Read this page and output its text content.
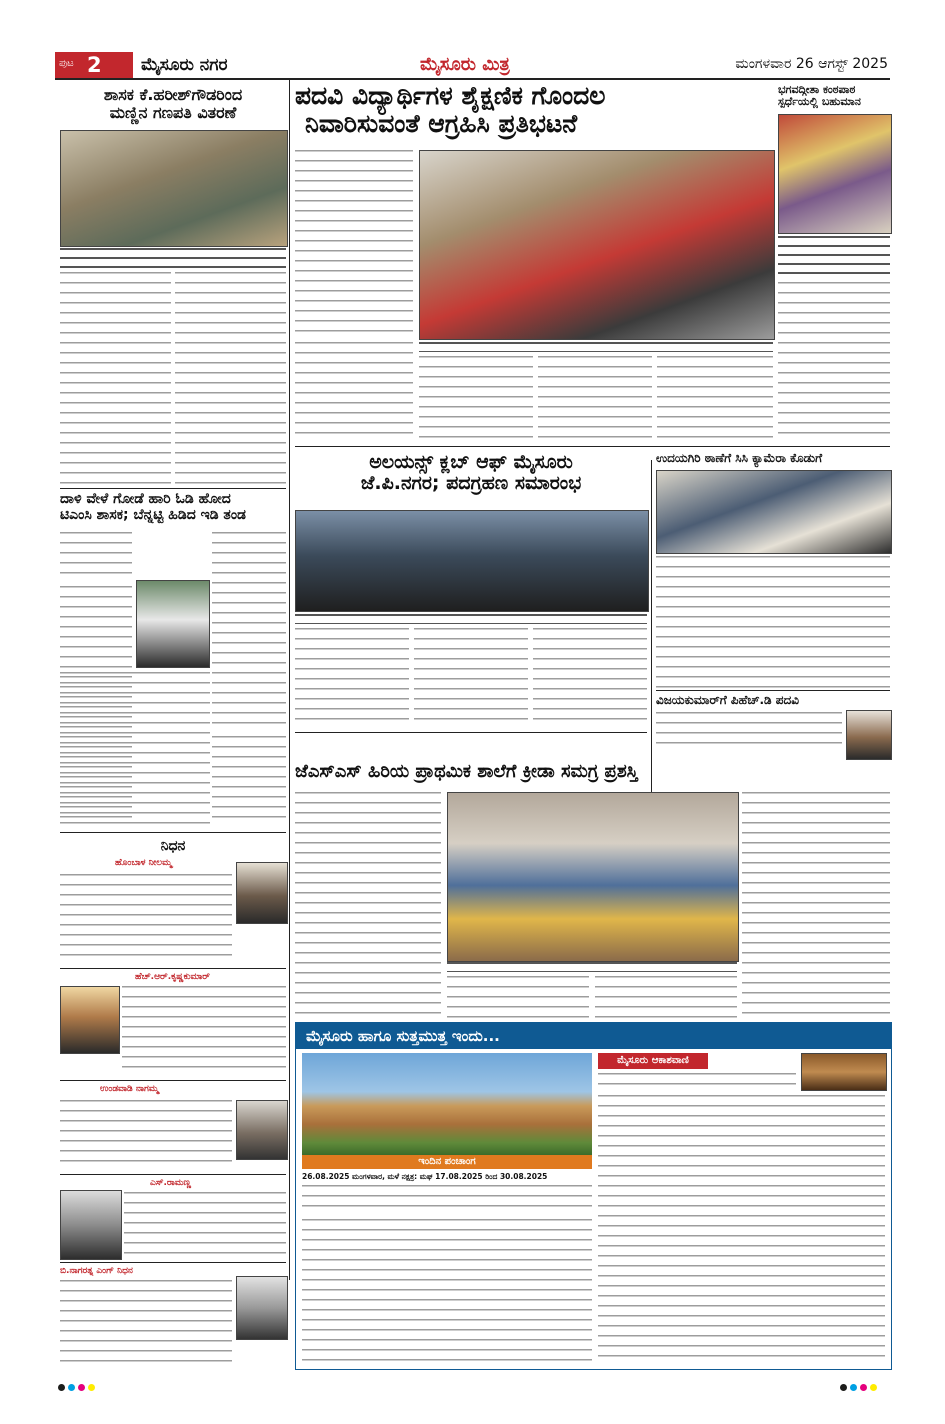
ಪುಟ 2 ಮೈಸೂರು ನಗರ	ಮೈಸೂರು ಮಿತ್ರ	ಮಂಗಳವಾರ 26 ಆಗಸ್ಟ್ 2025
ಶಾಸಕ ಕೆ.ಹರೀಶ್‌ಗೌಡರಿಂದ
ಮಣ್ಣಿನ ಗಣಪತಿ ವಿತರಣೆ
ದಾಳಿ ವೇಳೆ ಗೋಡೆ ಹಾರಿ ಓಡಿ ಹೋದ
ಟಿಎಂಸಿ ಶಾಸಕ; ಬೆನ್ನಟ್ಟಿ ಹಿಡಿದ ಇಡಿ ತಂಡ
ನಿಧನ
ಹೊಂಬಾಳ ನೀಲಮ್ಮ
ಹೆಚ್.ಆರ್.ಕೃಷ್ಣಕುಮಾರ್
ಉಂಡವಾಡಿ ನಾಗಮ್ಮ
ಎಸ್.ರಾಮಣ್ಣ
ಬಿ.ನಾಗರತ್ನ ಎಂಗ್ ನಿಧನ
ಪದವಿ ವಿದ್ಯಾರ್ಥಿಗಳ ಶೈಕ್ಷಣಿಕ ಗೊಂದಲ
ನಿವಾರಿಸುವಂತೆ ಆಗ್ರಹಿಸಿ ಪ್ರತಿಭಟನೆ
ಭಗವದ್ಗೀತಾ ಕಂಠಪಾಠ
ಸ್ಪರ್ಧೆಯಲ್ಲಿ ಬಹುಮಾನ
ಅಲಯನ್ಸ್ ಕ್ಲಬ್ ಆಫ್ ಮೈಸೂರು
ಜೆ.ಪಿ.ನಗರ; ಪದಗ್ರಹಣ ಸಮಾರಂಭ
ಉದಯಗಿರಿ ಠಾಣೆಗೆ ಸಿಸಿ ಕ್ಯಾಮೆರಾ ಕೊಡುಗೆ
ವಿಜಯಕುಮಾರ್‌ಗೆ ಪಿಹೆಚ್.ಡಿ ಪದವಿ
ಜೆಎಸ್‌ಎಸ್ ಹಿರಿಯ ಪ್ರಾಥಮಿಕ ಶಾಲೆಗೆ ಕ್ರೀಡಾ ಸಮಗ್ರ ಪ್ರಶಸ್ತಿ
ಮೈಸೂರು ಹಾಗೂ ಸುತ್ತಮುತ್ತ ಇಂದು...
ಇಂದಿನ ಪಂಚಾಂಗ
26.08.2025 ಮಂಗಳವಾರ, ಮಳೆ ನಕ್ಷತ್ರ: ಮಘ 17.08.2025 ರಿಂದ 30.08.2025
ಮೈಸೂರು ಆಕಾಶವಾಣಿ
